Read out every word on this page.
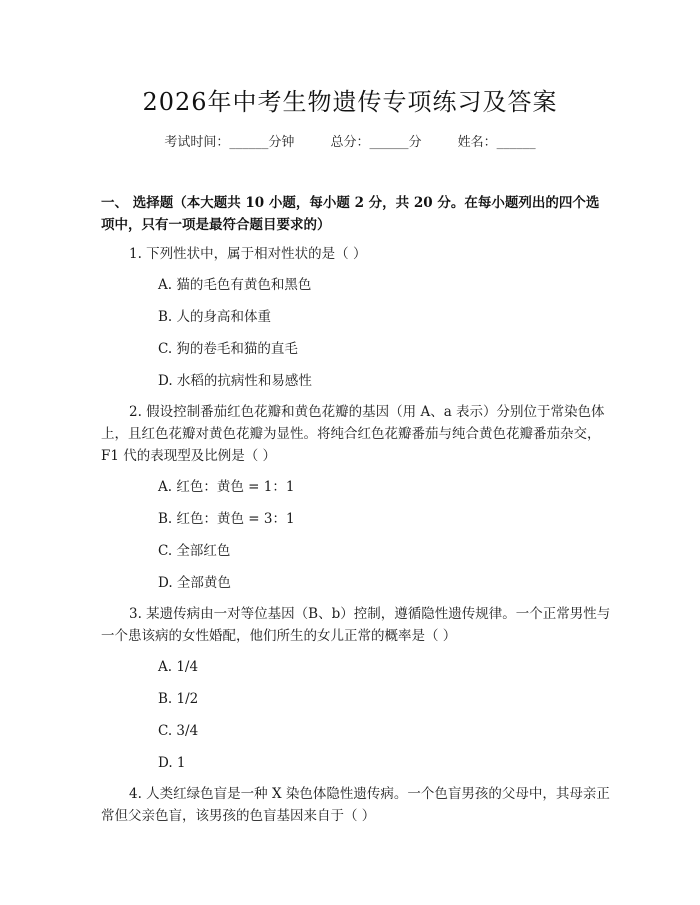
2026年中考生物遗传专项练习及答案
考试时间：______分钟	总分：______分	姓名：______
一、 选择题（本大题共 10 小题，每小题 2 分，共 20 分。在每小题列出的四个选项中，只有一项是最符合题目要求的）
1. 下列性状中，属于相对性状的是（ ）
A. 猫的毛色有黄色和黑色
B. 人的身高和体重
C. 狗的卷毛和猫的直毛
D. 水稻的抗病性和易感性
2. 假设控制番茄红色花瓣和黄色花瓣的基因（用 A、a 表示）分别位于常染色体上，且红色花瓣对黄色花瓣为显性。将纯合红色花瓣番茄与纯合黄色花瓣番茄杂交，F1 代的表现型及比例是（ ）
A. 红色：黄色 = 1：1
B. 红色：黄色 = 3：1
C. 全部红色
D. 全部黄色
3. 某遗传病由一对等位基因（B、b）控制，遵循隐性遗传规律。一个正常男性与一个患该病的女性婚配，他们所生的女儿正常的概率是（ ）
A. 1/4
B. 1/2
C. 3/4
D. 1
4. 人类红绿色盲是一种 X 染色体隐性遗传病。一个色盲男孩的父母中，其母亲正常但父亲色盲，该男孩的色盲基因来自于（ ）
